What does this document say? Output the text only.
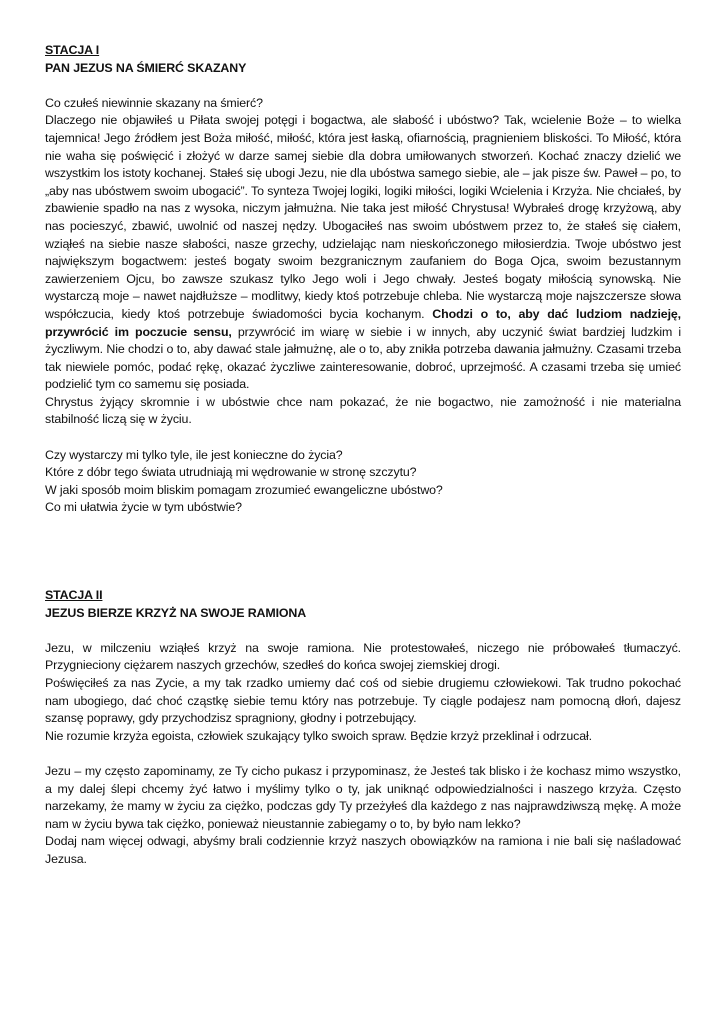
STACJA I

PAN JEZUS NA ŚMIERĆ SKAZANY

Co czułeś niewinnie skazany na śmierć?

Dlaczego nie objawiłeś u Piłata swojej potęgi i bogactwa, ale słabość i ubóstwo? Tak, wcielenie Boże – to wielka tajemnica! Jego źródłem jest Boża miłość, miłość, która jest łaską, ofiarnością, pragnieniem bliskości. To Miłość, która nie waha się poświęcić i złożyć w darze samej siebie dla dobra umiłowanych stworzeń. Kochać znaczy dzielić we wszystkim los istoty kochanej. Stałeś się ubogi Jezu, nie dla ubóstwa samego siebie, ale – jak pisze św. Paweł – po, to „aby nas ubóstwem swoim ubogacić”. To synteza Twojej logiki, logiki miłości, logiki Wcielenia i Krzyża. Nie chciałeś, by zbawienie spadło na nas z wysoka, niczym jałmużna. Nie taka jest miłość Chrystusa! Wybrałeś drogę krzyżową, aby nas pocieszyć, zbawić, uwolnić od naszej nędzy. Ubogaciłeś nas swoim ubóstwem przez to, że stałeś się ciałem, wziąłeś na siebie nasze słabości, nasze grzechy, udzielając nam nieskończonego miłosierdzia. Twoje ubóstwo jest największym bogactwem: jesteś bogaty swoim bezgranicznym zaufaniem do Boga Ojca, swoim bezustannym zawierzeniem Ojcu, bo zawsze szukasz tylko Jego woli i Jego chwały. Jesteś bogaty miłością synowską. Nie wystarczą moje – nawet najdłuższe – modlitwy, kiedy ktoś potrzebuje chleba. Nie wystarczą moje najszczersze słowa współczucia, kiedy ktoś potrzebuje świadomości bycia kochanym. Chodzi o to, aby dać ludziom nadzieję, przywrócić im poczucie sensu, przywrócić im wiarę w siebie i w innych, aby uczynić świat bardziej ludzkim i życzliwym. Nie chodzi o to, aby dawać stale jałmużnę, ale o to, aby znikła potrzeba dawania jałmużny. Czasami trzeba tak niewiele pomóc, podać rękę, okazać życzliwe zainteresowanie, dobroć, uprzejmość. A czasami trzeba się umieć podzielić tym co samemu się posiada.

Chrystus żyjący skromnie i w ubóstwie chce nam pokazać, że nie bogactwo, nie zamożność i nie materialna stabilność liczą się w życiu.

Czy wystarczy mi tylko tyle, ile jest konieczne do życia?

Które z dóbr tego świata utrudniają mi wędrowanie w stronę szczytu?

W jaki sposób moim bliskim pomagam zrozumieć ewangeliczne ubóstwo?

Co mi ułatwia życie w tym ubóstwie?

STACJA II

JEZUS BIERZE KRZYŻ NA SWOJE RAMIONA

Jezu, w milczeniu wziąłeś krzyż na swoje ramiona. Nie protestowałeś, niczego nie próbowałeś tłumaczyć. Przygnieciony ciężarem naszych grzechów, szedłeś do końca swojej ziemskiej drogi.

Poświęciłeś za nas Zycie, a my tak rzadko umiemy dać coś od siebie drugiemu człowiekowi. Tak trudno pokochać nam ubogiego, dać choć cząstkę siebie temu który nas potrzebuje. Ty ciągle podajesz nam pomocną dłoń, dajesz szansę poprawy, gdy przychodzisz spragniony, głodny i potrzebujący.

Nie rozumie krzyża egoista, człowiek szukający tylko swoich spraw. Będzie krzyż przeklinał i odrzucał.

Jezu – my często zapominamy, ze Ty cicho pukasz i przypominasz, że Jesteś tak blisko i że kochasz mimo wszystko, a my dalej ślepi chcemy żyć łatwo i myślimy tylko o ty, jak uniknąć odpowiedzialności i naszego krzyża. Często narzekamy, że mamy w życiu za ciężko, podczas gdy Ty przeżyłeś dla każdego z nas najprawdziwszą mękę. A może nam w życiu bywa tak ciężko, ponieważ nieustannie zabiegamy o to, by było nam lekko?

Dodaj nam więcej odwagi, abyśmy brali codziennie krzyż naszych obowiązków na ramiona i nie bali się naśladować Jezusa.
